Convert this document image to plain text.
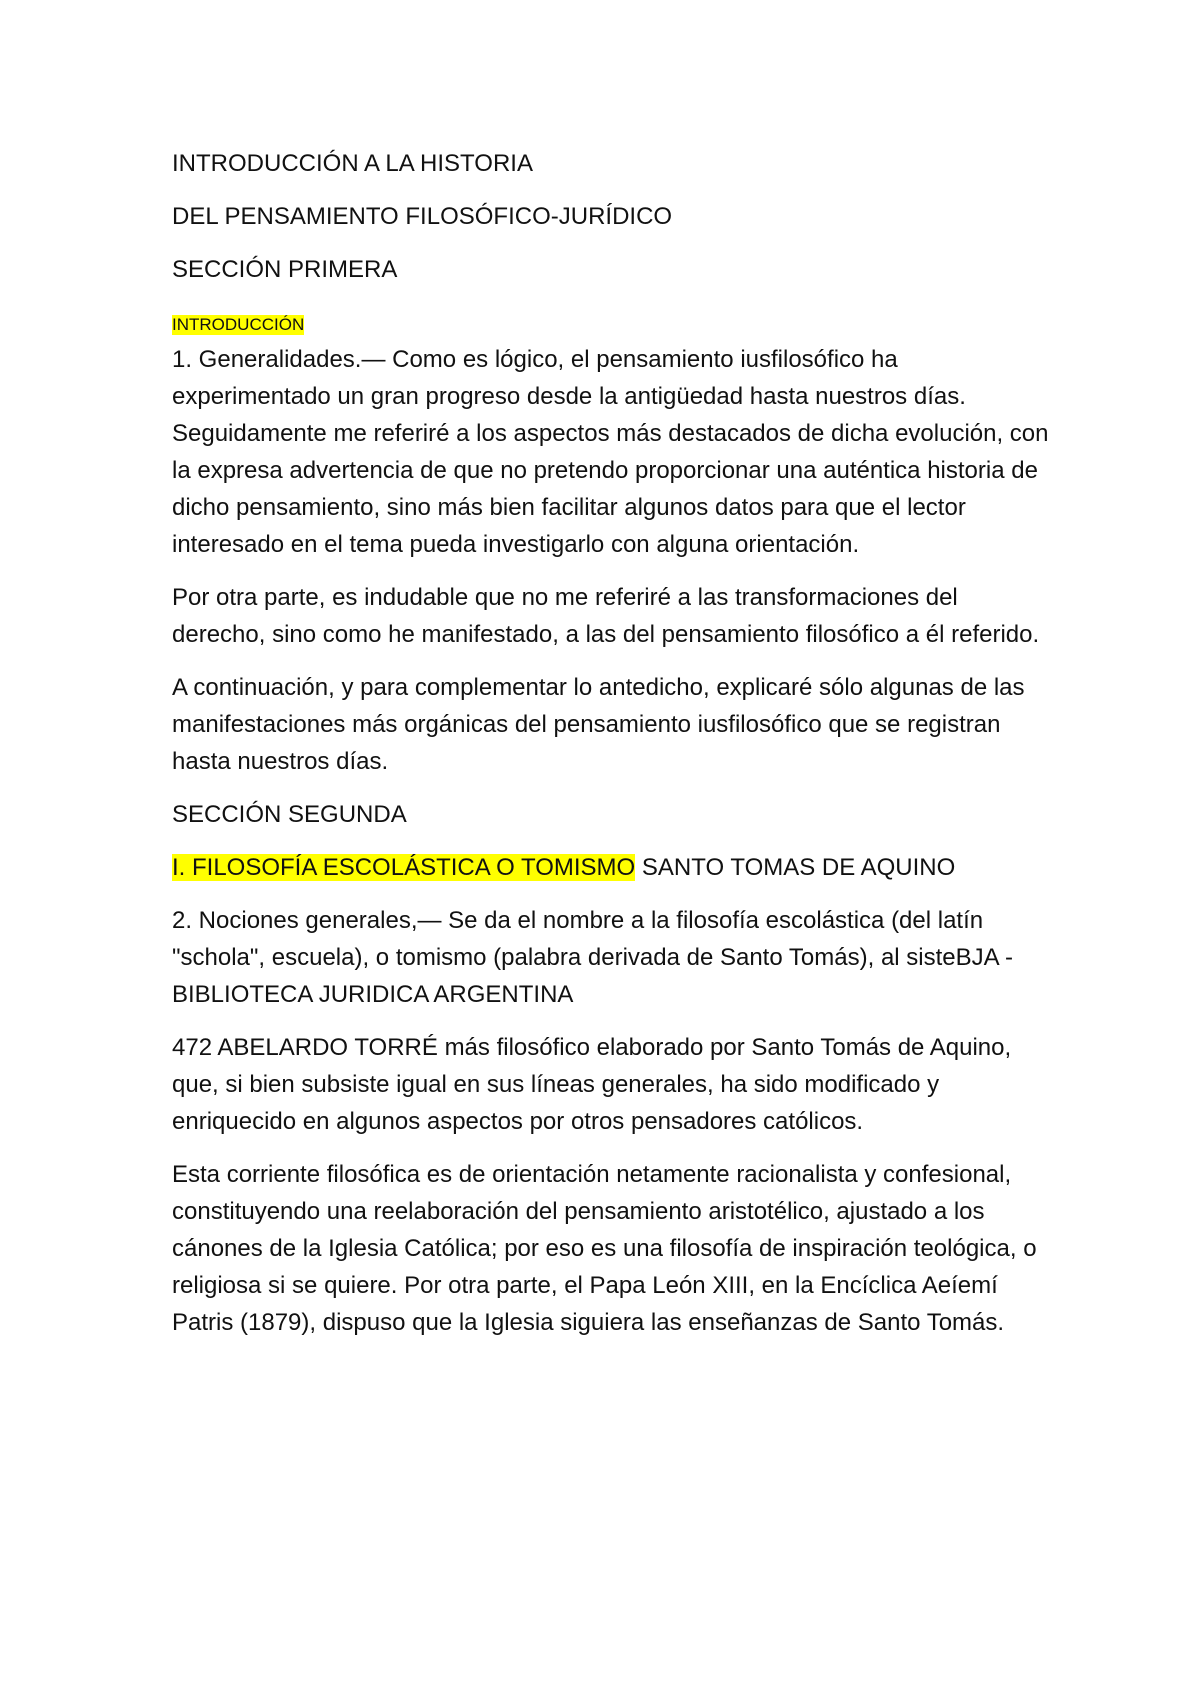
INTRODUCCIÓN A LA HISTORIA

DEL PENSAMIENTO FILOSÓFICO-JURÍDICO

SECCIÓN PRIMERA

INTRODUCCIÓN

1. Generalidades.— Como es lógico, el pensamiento iusfilosófico ha experimentado un gran progreso desde la antigüedad hasta nuestros días. Seguidamente me referiré a los aspectos más destacados de dicha evolución, con la expresa advertencia de que no pretendo proporcionar una auténtica historia de dicho pensamiento, sino más bien facilitar algunos datos para que el lector interesado en el tema pueda investigarlo con alguna orientación.

Por otra parte, es indudable que no me referiré a las transformaciones del derecho, sino como he manifestado, a las del pensamiento filosófico a él referido.

A continuación, y para complementar lo antedicho, explicaré sólo algunas de las manifestaciones más orgánicas del pensamiento iusfilosófico que se registran hasta nuestros días.

SECCIÓN SEGUNDA

I. FILOSOFÍA ESCOLÁSTICA O TOMISMO SANTO TOMAS DE AQUINO

2. Nociones generales,— Se da el nombre a la filosofía escolástica (del latín "schola", escuela), o tomismo (palabra derivada de Santo Tomás), al sisteBJA - BIBLIOTECA JURIDICA ARGENTINA

472 ABELARDO TORRÉ más filosófico elaborado por Santo Tomás de Aquino, que, si bien subsiste igual en sus líneas generales, ha sido modificado y enriquecido en algunos aspectos por otros pensadores católicos.

Esta corriente filosófica es de orientación netamente racionalista y confesional, constituyendo una reelaboración del pensamiento aristotélico, ajustado a los cánones de la Iglesia Católica; por eso es una filosofía de inspiración teológica, o religiosa si se quiere. Por otra parte, el Papa León XIII, en la Encíclica Aeíemí Patris (1879), dispuso que la Iglesia siguiera las enseñanzas de Santo Tomás.
